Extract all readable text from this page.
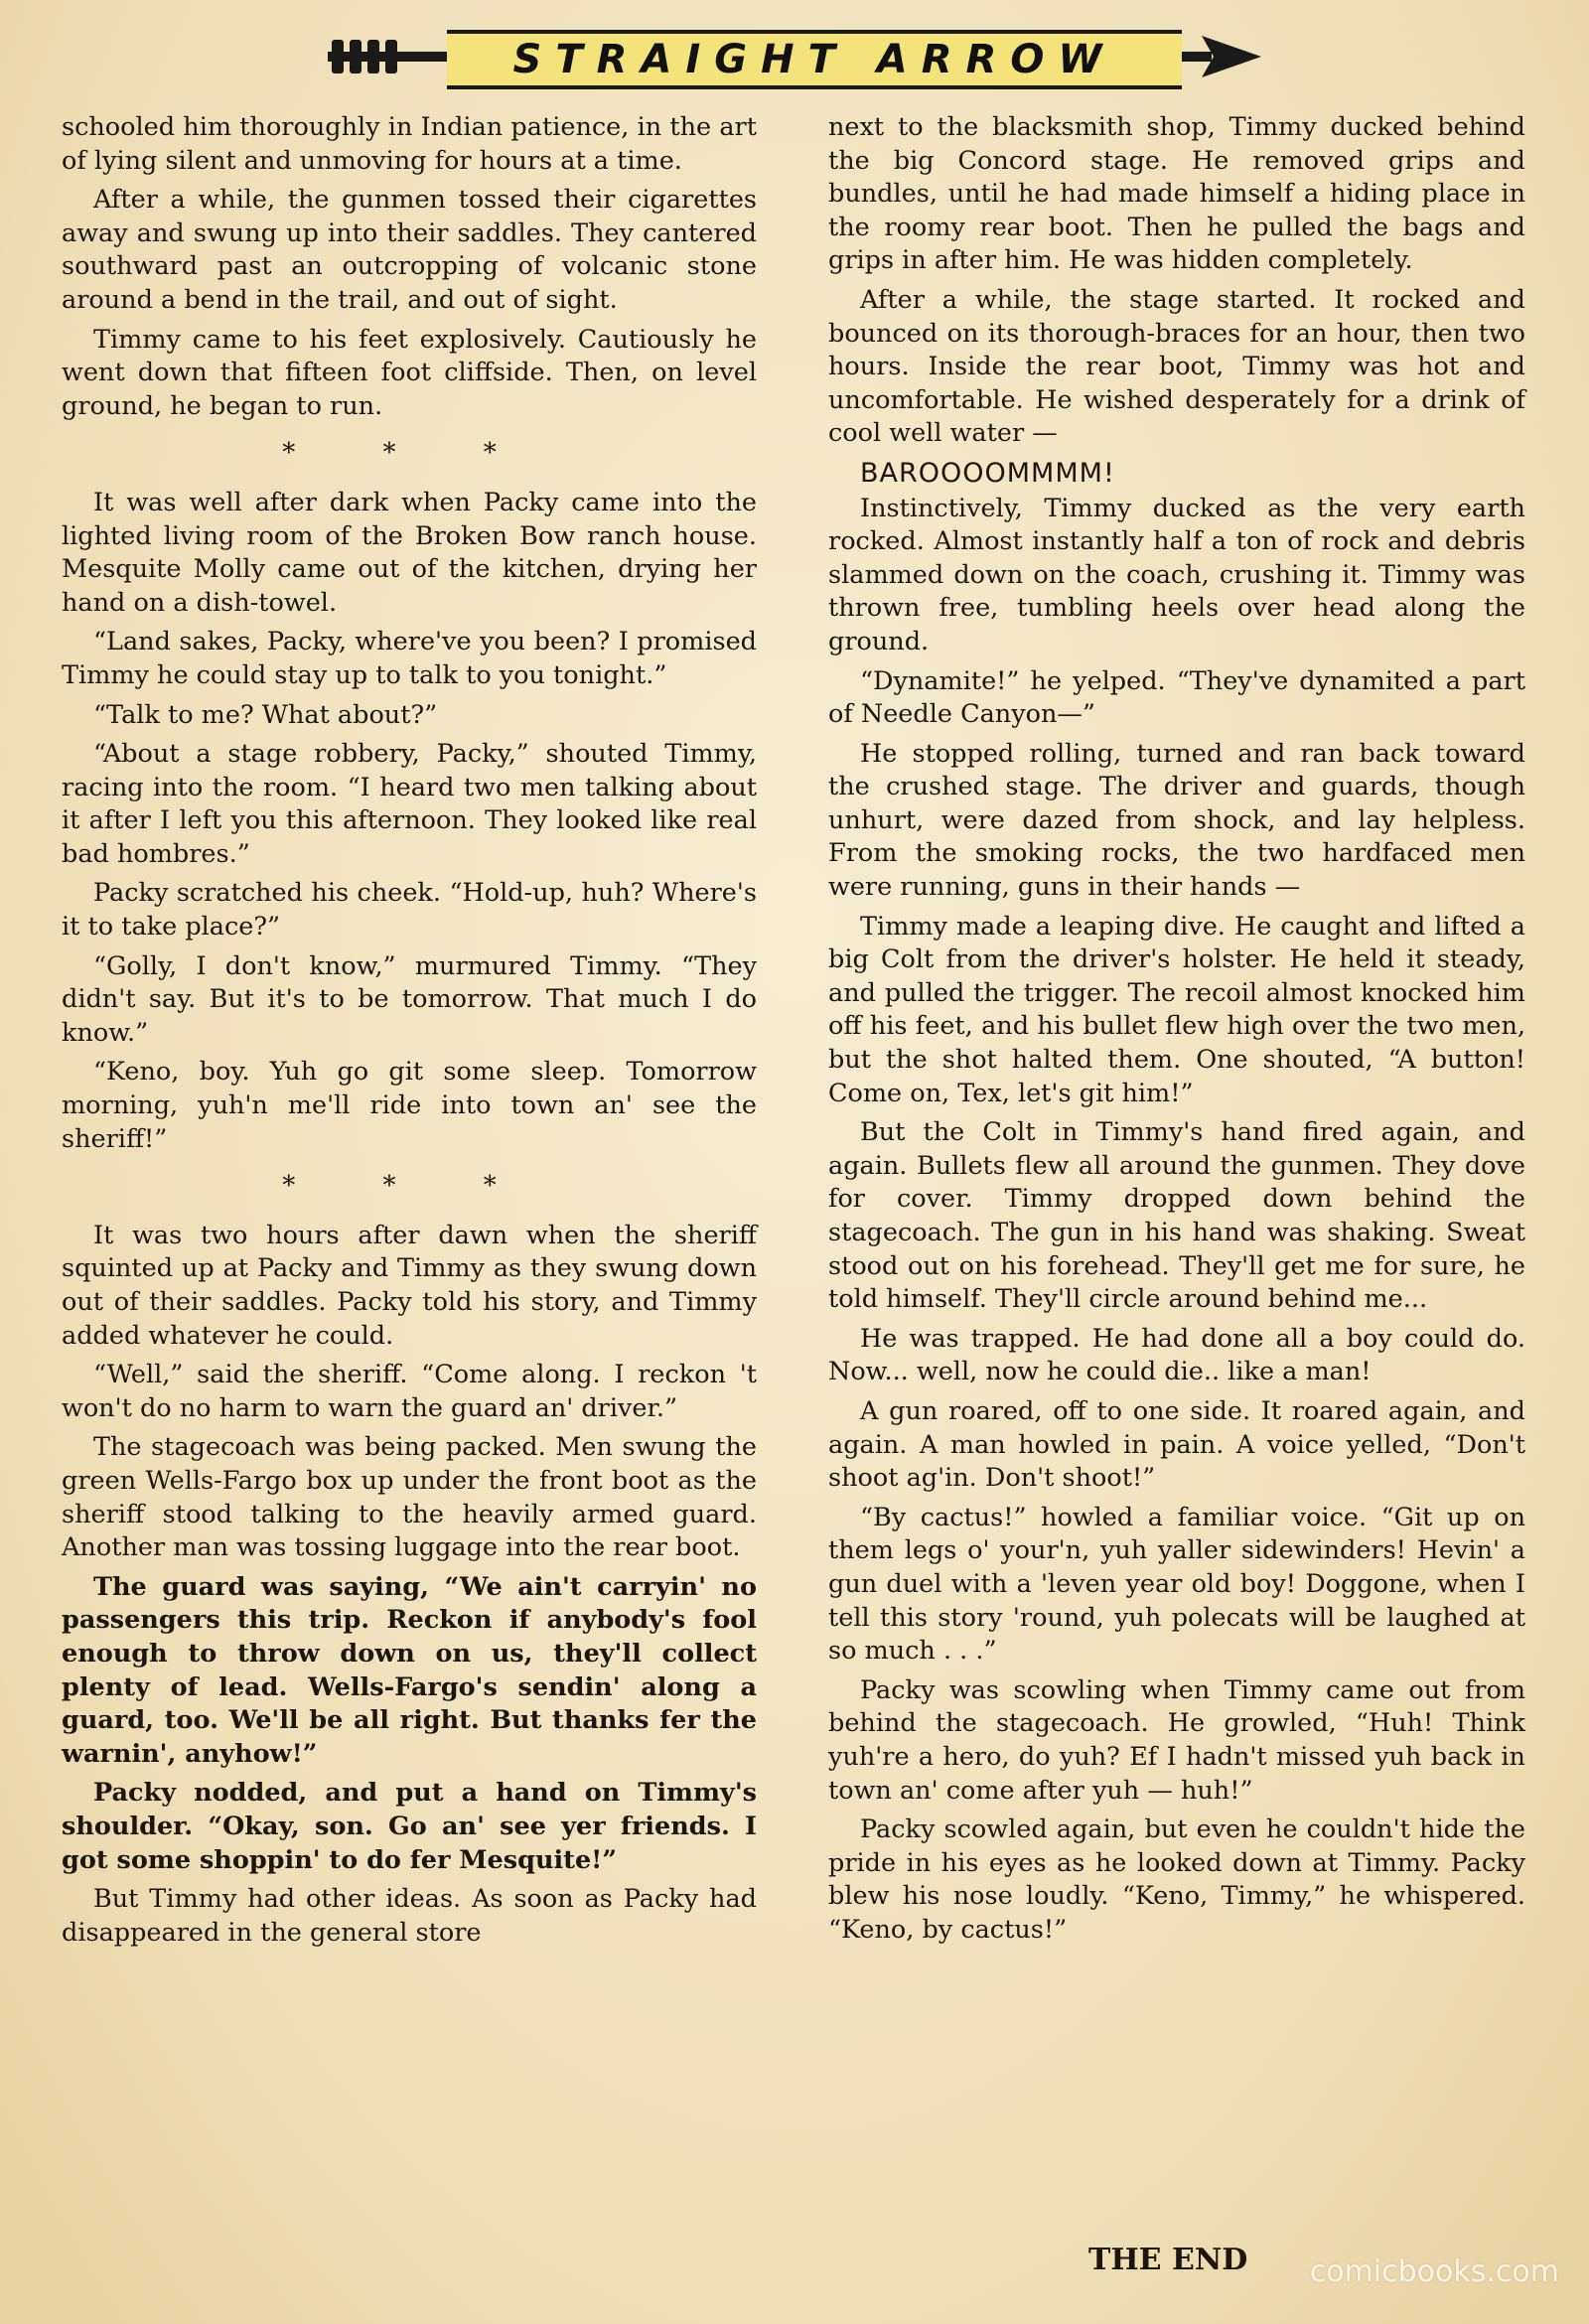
STRAIGHT ARROW

schooled him thoroughly in Indian patience, in the art of lying silent and unmoving for hours at a time.

After a while, the gunmen tossed their cigarettes away and swung up into their saddles. They cantered southward past an outcropping of volcanic stone around a bend in the trail, and out of sight.

Timmy came to his feet explosively. Cautiously he went down that fifteen foot cliffside. Then, on level ground, he began to run.

* * *

It was well after dark when Packy came into the lighted living room of the Broken Bow ranch house. Mesquite Molly came out of the kitchen, drying her hand on a dish-towel.

“Land sakes, Packy, where've you been? I promised Timmy he could stay up to talk to you tonight.”

“Talk to me? What about?”

“About a stage robbery, Packy,” shouted Timmy, racing into the room. “I heard two men talking about it after I left you this afternoon. They looked like real bad hombres.”

Packy scratched his cheek. “Hold-up, huh? Where's it to take place?”

“Golly, I don't know,” murmured Timmy. “They didn't say. But it's to be tomorrow. That much I do know.”

“Keno, boy. Yuh go git some sleep. Tomorrow morning, yuh'n me'll ride into town an' see the sheriff!”

* * *

It was two hours after dawn when the sheriff squinted up at Packy and Timmy as they swung down out of their saddles. Packy told his story, and Timmy added whatever he could.

“Well,” said the sheriff. “Come along. I reckon 't won't do no harm to warn the guard an' driver.”

The stagecoach was being packed. Men swung the green Wells-Fargo box up under the front boot as the sheriff stood talking to the heavily armed guard. Another man was tossing luggage into the rear boot.

The guard was saying, “We ain't carryin' no passengers this trip. Reckon if anybody's fool enough to throw down on us, they'll collect plenty of lead. Wells-Fargo's sendin' along a guard, too. We'll be all right. But thanks fer the warnin', anyhow!”

Packy nodded, and put a hand on Timmy's shoulder. “Okay, son. Go an' see yer friends. I got some shoppin' to do fer Mesquite!”

But Timmy had other ideas. As soon as Packy had disappeared in the general store

next to the blacksmith shop, Timmy ducked behind the big Concord stage. He removed grips and bundles, until he had made himself a hiding place in the roomy rear boot. Then he pulled the bags and grips in after him. He was hidden completely.

After a while, the stage started. It rocked and bounced on its thorough-braces for an hour, then two hours. Inside the rear boot, Timmy was hot and uncomfortable. He wished desperately for a drink of cool well water —

BAROOOOMMMM!

Instinctively, Timmy ducked as the very earth rocked. Almost instantly half a ton of rock and debris slammed down on the coach, crushing it. Timmy was thrown free, tumbling heels over head along the ground.

“Dynamite!” he yelped. “They've dynamited a part of Needle Canyon—”

He stopped rolling, turned and ran back toward the crushed stage. The driver and guards, though unhurt, were dazed from shock, and lay helpless. From the smoking rocks, the two hardfaced men were running, guns in their hands —

Timmy made a leaping dive. He caught and lifted a big Colt from the driver's holster. He held it steady, and pulled the trigger. The recoil almost knocked him off his feet, and his bullet flew high over the two men, but the shot halted them. One shouted, “A button! Come on, Tex, let's git him!”

But the Colt in Timmy's hand fired again, and again. Bullets flew all around the gunmen. They dove for cover. Timmy dropped down behind the stagecoach. The gun in his hand was shaking. Sweat stood out on his forehead. They'll get me for sure, he told himself. They'll circle around behind me...

He was trapped. He had done all a boy could do. Now... well, now he could die.. like a man!

A gun roared, off to one side. It roared again, and again. A man howled in pain. A voice yelled, “Don't shoot ag'in. Don't shoot!”

“By cactus!” howled a familiar voice. “Git up on them legs o' your'n, yuh yaller sidewinders! Hevin' a gun duel with a 'leven year old boy! Doggone, when I tell this story 'round, yuh polecats will be laughed at so much . . .”

Packy was scowling when Timmy came out from behind the stagecoach. He growled, “Huh! Think yuh're a hero, do yuh? Ef I hadn't missed yuh back in town an' come after yuh — huh!”

Packy scowled again, but even he couldn't hide the pride in his eyes as he looked down at Timmy. Packy blew his nose loudly. “Keno, Timmy,” he whispered. “Keno, by cactus!”

THE END comicbooks.com
